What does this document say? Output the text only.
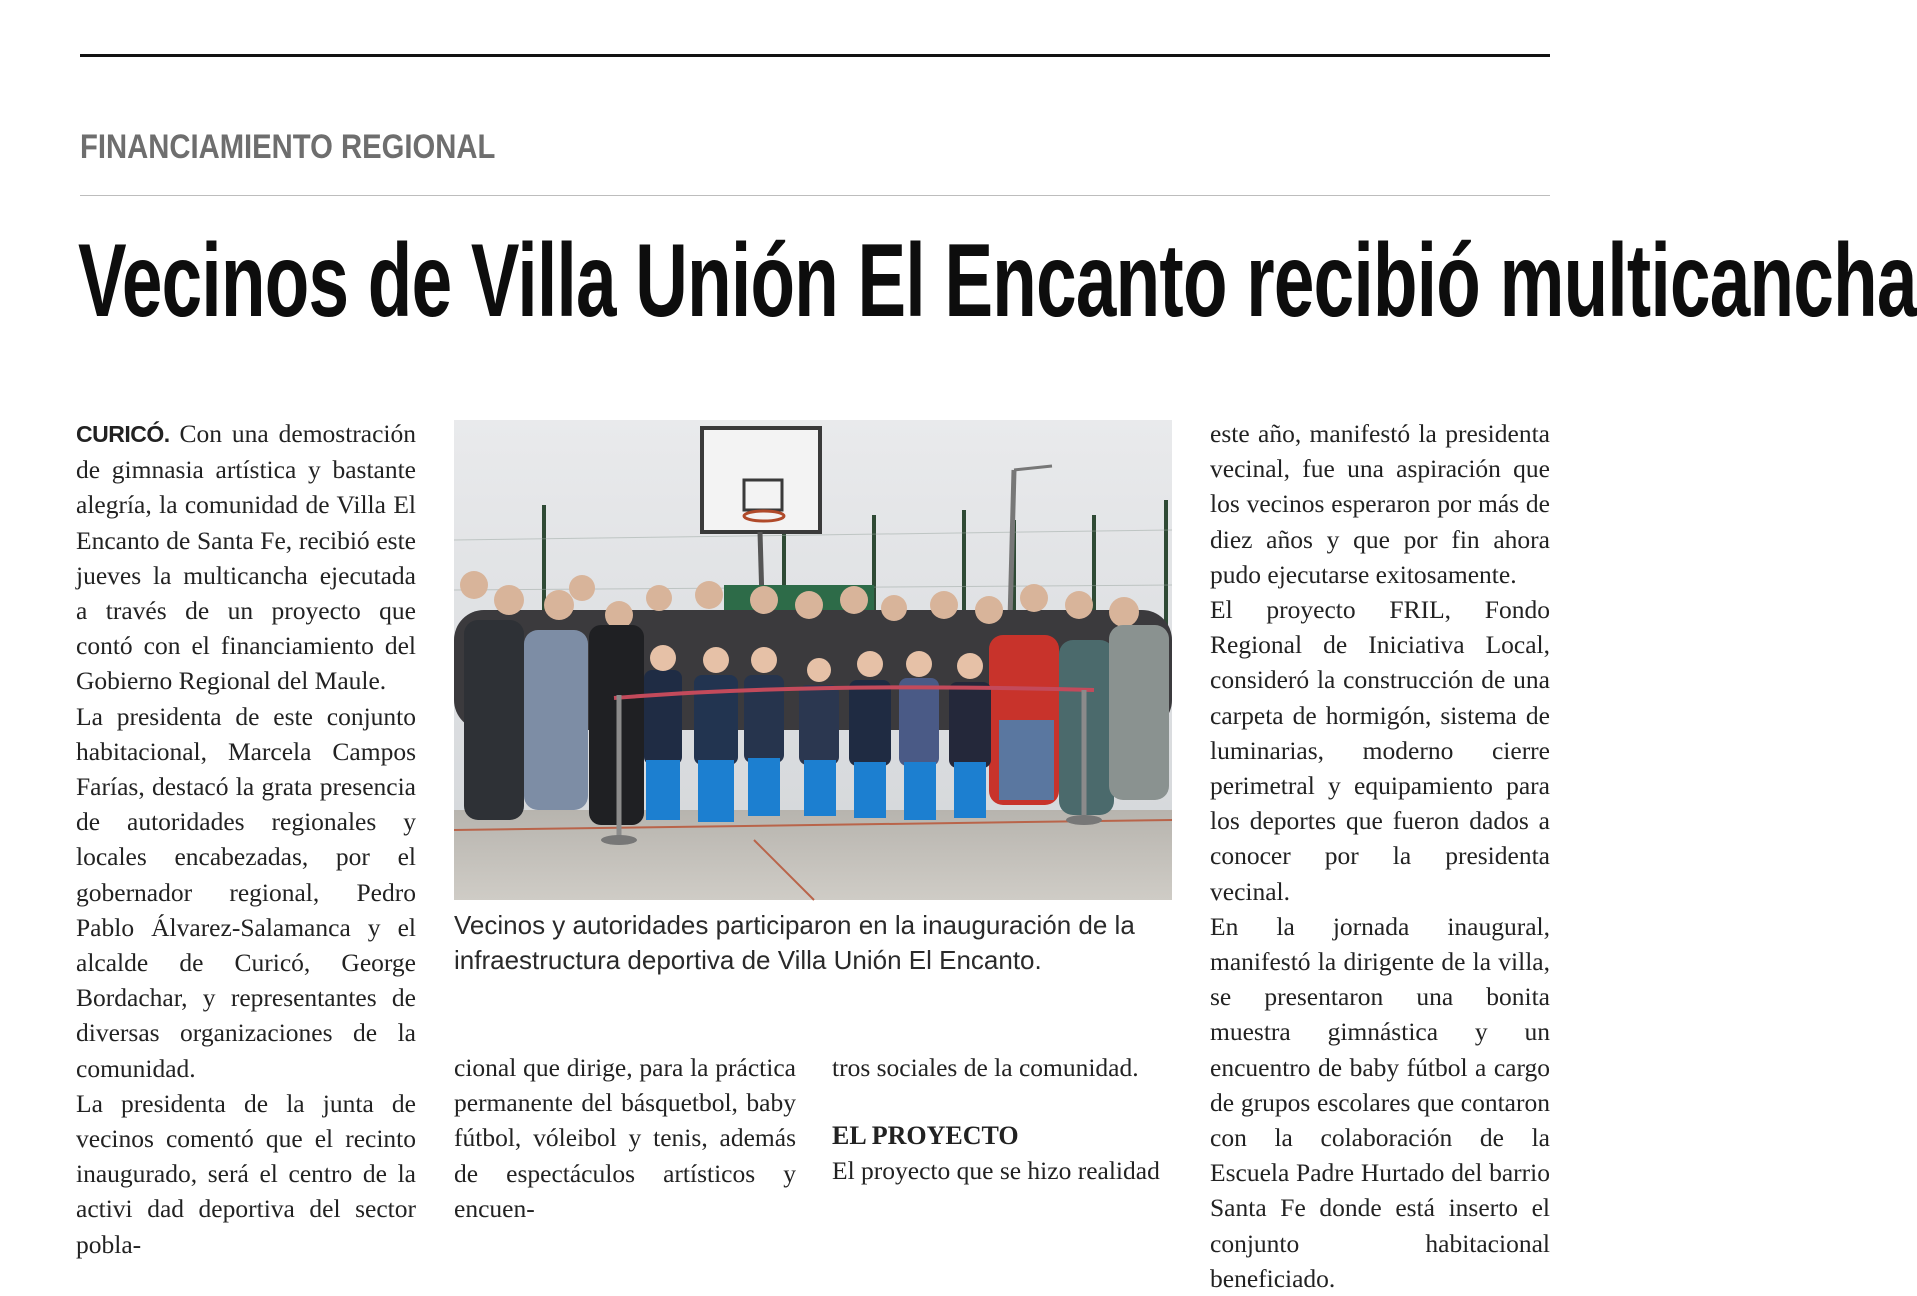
FINANCIAMIENTO REGIONAL
Vecinos de Villa Unión El Encanto recibió multicancha

CURICÓ. Con una demostración de gimnasia artística y bastante alegría, la comunidad de Villa El Encanto de Santa Fe, recibió este jueves la multicancha ejecutada a través de un proyecto que contó con el financiamiento del Gobierno Regional del Maule.

La presidenta de este conjunto habitacional, Marcela Campos Farías, destacó la grata presencia de autoridades regionales y locales encabezadas, por el gobernador regional, Pedro Pablo Álvarez-Salamanca y el alcalde de Curicó, George Bordachar, y representantes de diversas organizaciones de la comunidad.

La presidenta de la junta de vecinos comentó que el recinto inaugurado, será el centro de la activi dad deportiva del sector pobla-

Vecinos y autoridades participaron en la inauguración de la infraestructura deportiva de Villa Unión El Encanto.

cional que dirige, para la práctica permanente del básquetbol, baby fútbol, vóleibol y tenis, además de espectáculos artísticos y encuen-

tros sociales de la comunidad.

EL PROYECTO

El proyecto que se hizo realidad

este año, manifestó la presidenta vecinal, fue una aspiración que los vecinos esperaron por más de diez años y que por fin ahora pudo ejecutarse exitosamente.

El proyecto FRIL, Fondo Regional de Iniciativa Local, consideró la construcción de una carpeta de hormigón, sistema de luminarias, moderno cierre perimetral y equipamiento para los deportes que fueron dados a conocer por la presidenta vecinal.

En la jornada inaugural, manifestó la dirigente de la villa, se presentaron una bonita muestra gimnástica y un encuentro de baby fútbol a cargo de grupos escolares que contaron con la colaboración de la Escuela Padre Hurtado del barrio Santa Fe donde está inserto el conjunto habitacional beneficiado.
